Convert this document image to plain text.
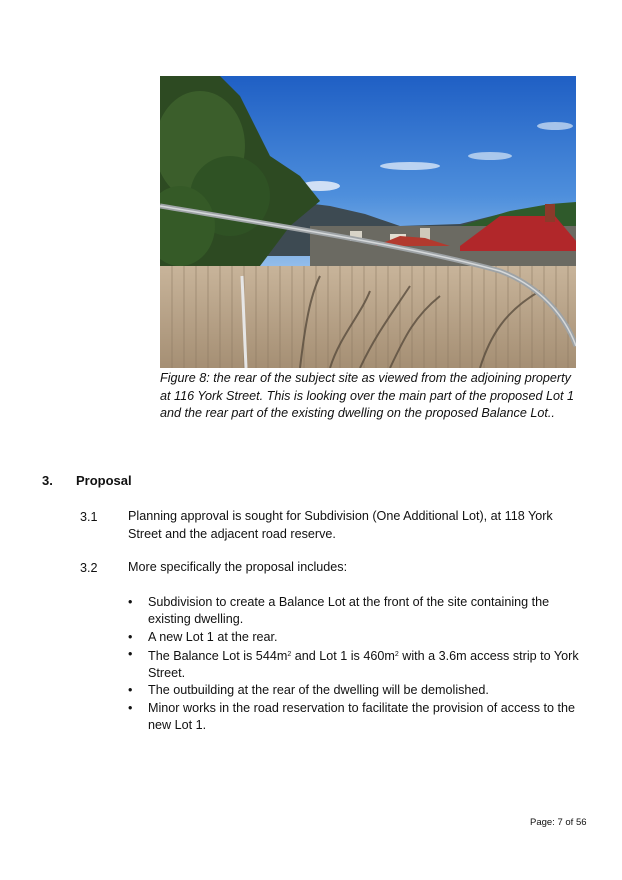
Figure 8: the rear of the subject site as viewed from the adjoining property
at 116 York Street. This is looking over the main part of the proposed Lot 1
and the rear part of the existing dwelling on the proposed Balance Lot..
3. Proposal
3.1 Planning approval is sought for Subdivision (One Additional Lot), at 118 York
Street and the adjacent road reserve.
3.2 More specifically the proposal includes:
• Subdivision to create a Balance Lot at the front of the site containing the
existing dwelling.
• A new Lot 1 at the rear.
• The Balance Lot is $544m^2$ and Lot 1 is $460m^2$ with a 3.6m access strip to York
Street.
• The outbuilding at the rear of the dwelling will be demolished.
• Minor works in the road reservation to facilitate the provision of access to the
new Lot 1.
Page: 7 of 56
